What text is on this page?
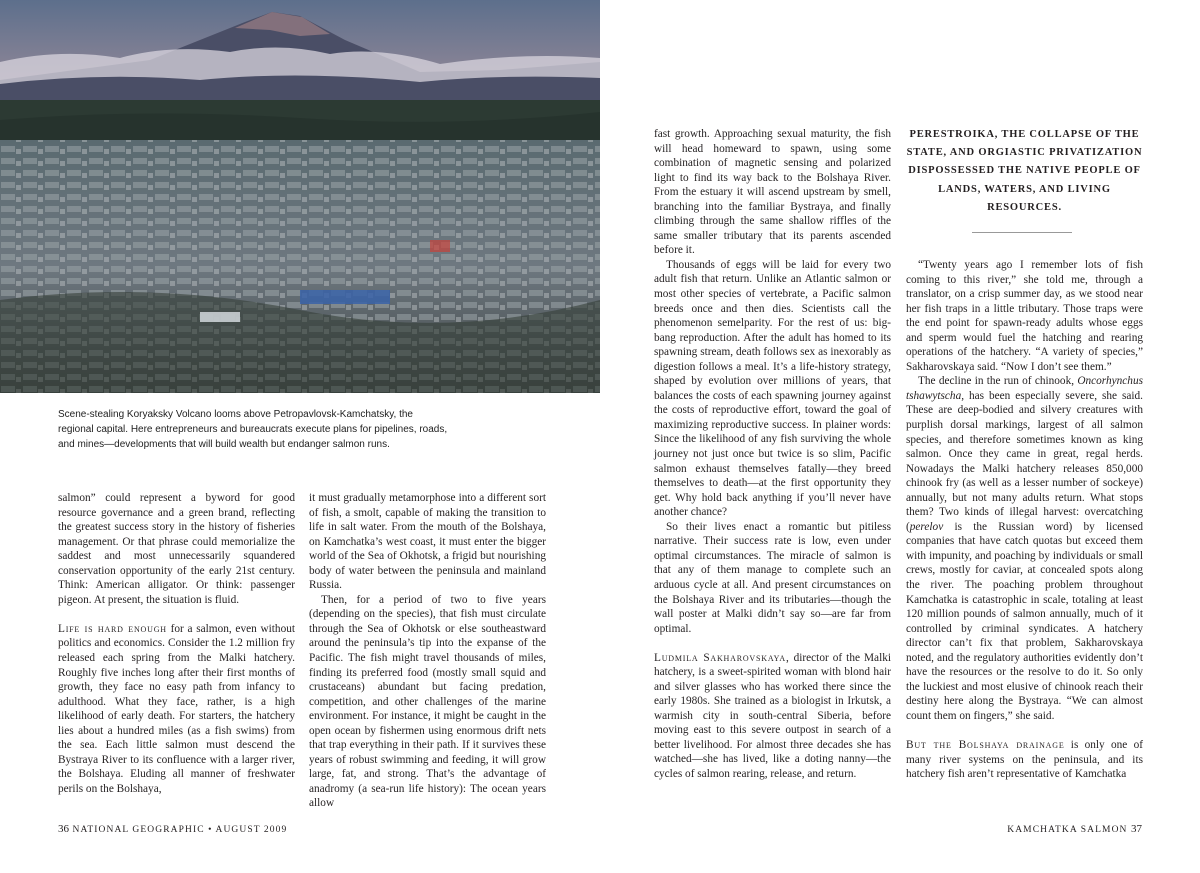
Scene-stealing Koryaksky Volcano looms above Petropavlovsk-Kamchatsky, the regional capital. Here entrepreneurs and bureaucrats execute plans for pipelines, roads, and mines—developments that will build wealth but endanger salmon runs.

salmon” could represent a byword for good resource governance and a green brand, reflecting the greatest success story in the history of fisheries management. Or that phrase could memorialize the saddest and most unnecessarily squandered conservation opportunity of the early 21st century. Think: American alligator. Or think: passenger pigeon. At present, the situation is fluid.

Life is hard enough for a salmon, even without politics and economics. Consider the 1.2 million fry released each spring from the Malki hatchery. Roughly five inches long after their first months of growth, they face no easy path from infancy to adulthood. What they face, rather, is a high likelihood of early death. For starters, the hatchery lies about a hundred miles (as a fish swims) from the sea. Each little salmon must descend the Bystraya River to its confluence with a larger river, the Bolshaya. Eluding all manner of freshwater perils on the Bolshaya,

it must gradually metamorphose into a different sort of fish, a smolt, capable of making the transition to life in salt water. From the mouth of the Bolshaya, on Kamchatka’s west coast, it must enter the bigger world of the Sea of Okhotsk, a frigid but nourishing body of water between the peninsula and mainland Russia.

Then, for a period of two to five years (depending on the species), that fish must circulate through the Sea of Okhotsk or else southeastward around the peninsula’s tip into the expanse of the Pacific. The fish might travel thousands of miles, finding its preferred food (mostly small squid and crustaceans) abundant but facing predation, competition, and other challenges of the marine environment. For instance, it might be caught in the open ocean by fishermen using enormous drift nets that trap everything in their path. If it survives these years of robust swimming and feeding, it will grow large, fat, and strong. That’s the advantage of anadromy (a sea-run life history): The ocean years allow

fast growth. Approaching sexual maturity, the fish will head homeward to spawn, using some combination of magnetic sensing and polarized light to find its way back to the Bolshaya River. From the estuary it will ascend upstream by smell, branching into the familiar Bystraya, and finally climbing through the same shallow riffles of the same smaller tributary that its parents ascended before it.

Thousands of eggs will be laid for every two adult fish that return. Unlike an Atlantic salmon or most other species of vertebrate, a Pacific salmon breeds once and then dies. Scientists call the phenomenon semelparity. For the rest of us: big-bang reproduction. After the adult has homed to its spawning stream, death follows sex as inexorably as digestion follows a meal. It’s a life-history strategy, shaped by evolution over millions of years, that balances the costs of each spawning journey against the costs of reproductive effort, toward the goal of maximizing reproductive success. In plainer words: Since the likelihood of any fish surviving the whole journey not just once but twice is so slim, Pacific salmon exhaust themselves fatally—they breed themselves to death—at the first opportunity they get. Why hold back anything if you’ll never have another chance?

So their lives enact a romantic but pitiless narrative. Their success rate is low, even under optimal circumstances. The miracle of salmon is that any of them manage to complete such an arduous cycle at all. And present circumstances on the Bolshaya River and its tributaries—though the wall poster at Malki didn’t say so—are far from optimal.

Ludmila Sakharovskaya, director of the Malki hatchery, is a sweet-spirited woman with blond hair and silver glasses who has worked there since the early 1980s. She trained as a biologist in Irkutsk, a warmish city in south-central Siberia, before moving east to this severe outpost in search of a better livelihood. For almost three decades she has watched—she has lived, like a doting nanny—the cycles of salmon rearing, release, and return.

PERESTROIKA, THE COLLAPSE OF THE STATE, AND ORGIASTIC PRIVATIZATION DISPOSSESSED THE NATIVE PEOPLE OF LANDS, WATERS, AND LIVING RESOURCES.

“Twenty years ago I remember lots of fish coming to this river,” she told me, through a translator, on a crisp summer day, as we stood near her fish traps in a little tributary. Those traps were the end point for spawn-ready adults whose eggs and sperm would fuel the hatching and rearing operations of the hatchery. “A variety of species,” Sakharovskaya said. “Now I don’t see them.”

The decline in the run of chinook, Oncorhynchus tshawytscha, has been especially severe, she said. These are deep-bodied and silvery creatures with purplish dorsal markings, largest of all salmon species, and therefore sometimes known as king salmon. Once they came in great, regal herds. Nowadays the Malki hatchery releases 850,000 chinook fry (as well as a lesser number of sockeye) annually, but not many adults return. What stops them? Two kinds of illegal harvest: overcatching (perelov is the Russian word) by licensed companies that have catch quotas but exceed them with impunity, and poaching by individuals or small crews, mostly for caviar, at concealed spots along the river. The poaching problem throughout Kamchatka is catastrophic in scale, totaling at least 120 million pounds of salmon annually, much of it controlled by criminal syndicates. A hatchery director can’t fix that problem, Sakharovskaya noted, and the regulatory authorities evidently don’t have the resources or the resolve to do it. So only the luckiest and most elusive of chinook reach their destiny here along the Bystraya. “We can almost count them on fingers,” she said.

But the Bolshaya drainage is only one of many river systems on the peninsula, and its hatchery fish aren’t representative of Kamchatka

36 NATIONAL GEOGRAPHIC • AUGUST 2009	KAMCHATKA SALMON 37
